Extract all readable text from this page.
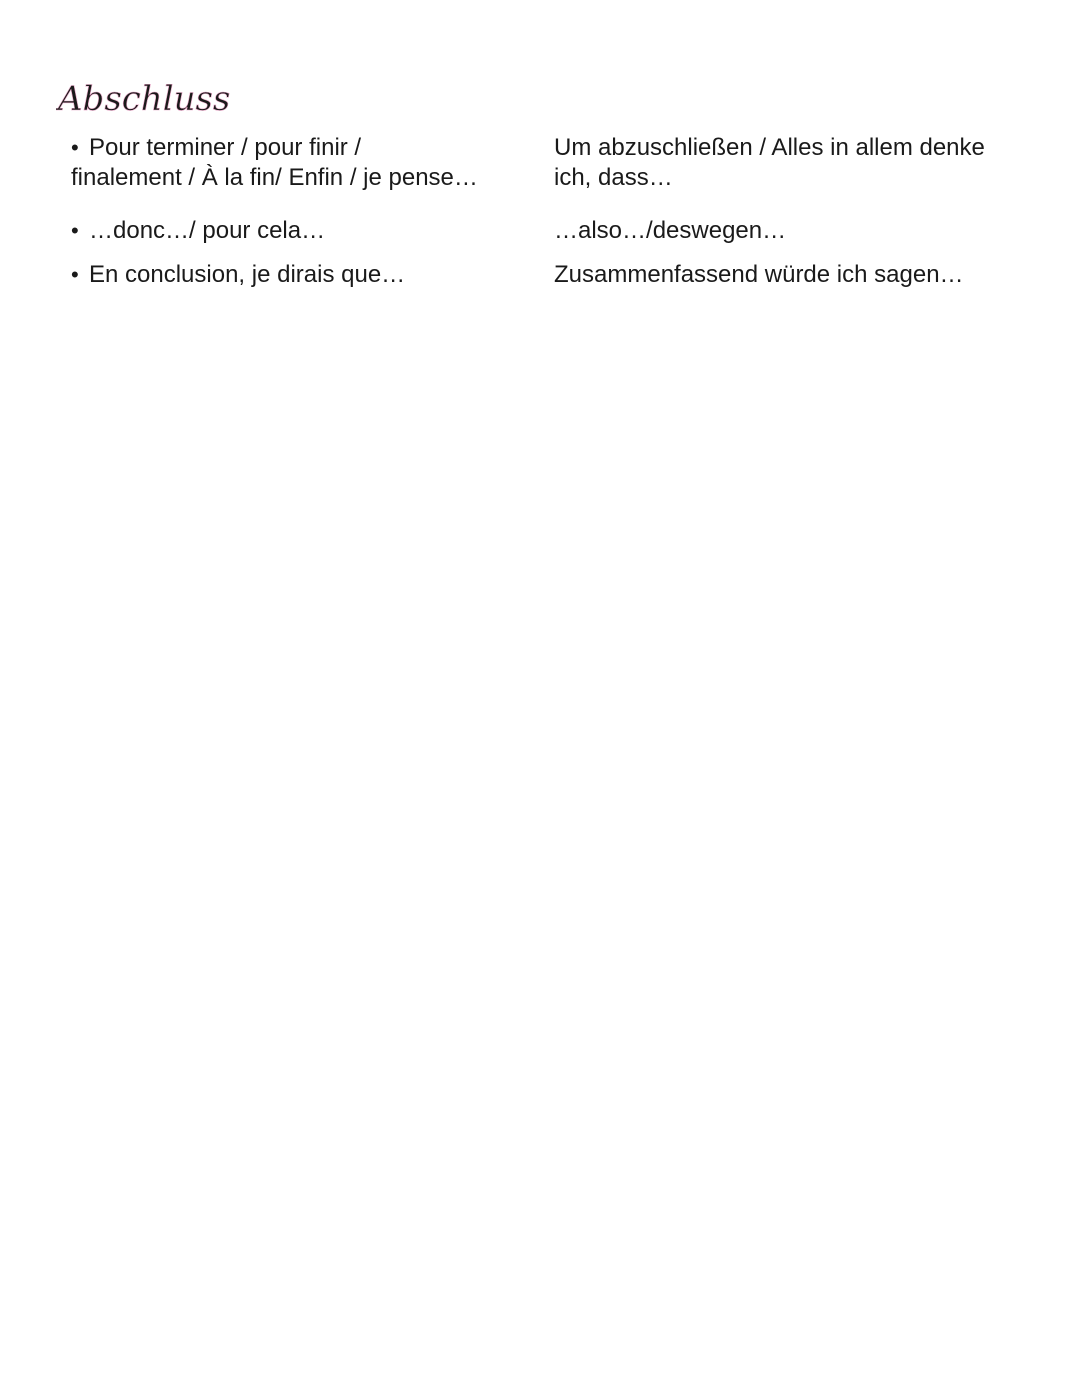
Abschluss
• Pour terminer / pour finir /
finalement / À la fin/ Enfin / je pense…
Um abzuschließen / Alles in allem denke
ich, dass…
• …donc…/ pour cela…	…also…/deswegen…
• En conclusion, je dirais que…	Zusammenfassend würde ich sagen…
